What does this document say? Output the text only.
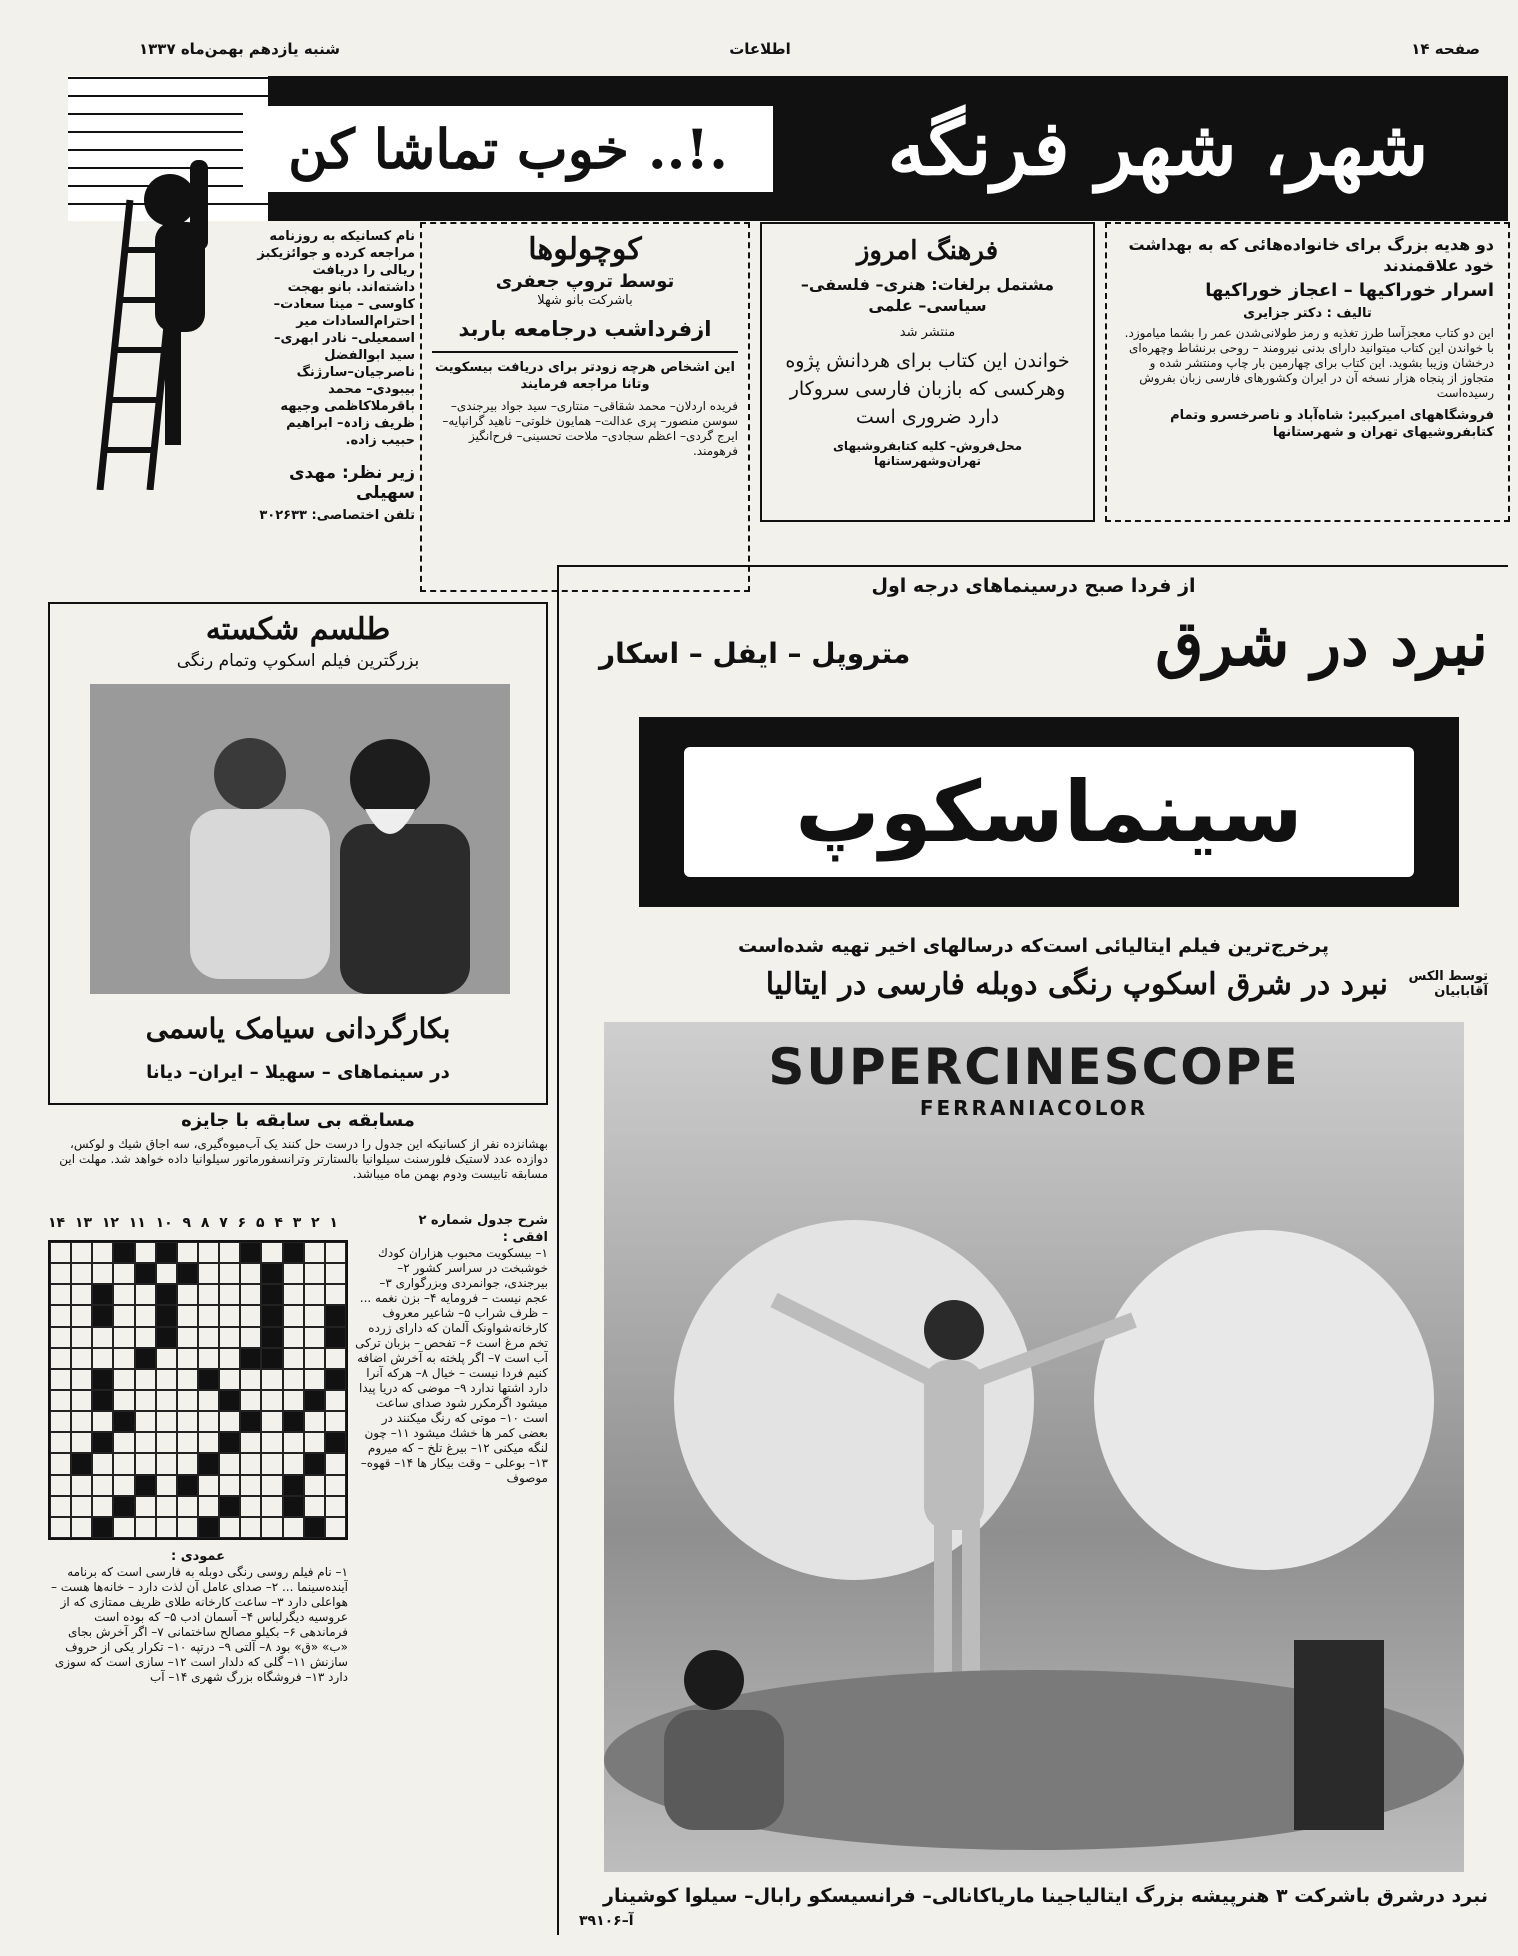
شنبه یازدهم بهمن‌ماه ۱۳۳۷	اطلاعات	صفحه ۱۴
خوب تماشا کن ..!.	شهر، شهر فرنگه
دو هدیه بزرگ برای خانواده‌هائی که به بهداشت خود علاقمندند
اسرار خوراکیها – اعجاز خوراکیها
تالیف : دکتر جزایری
این دو کتاب معجزآسا طرز تغذیه و رمز طولانی‌شدن عمر را بشما میاموزد. با خواندن این کتاب میتوانید دارای بدنی نیرومند – روحی برنشاط وچهره‌ای درخشان وزیبا بشوید. این کتاب برای چهارمین بار چاپ ومنتشر شده و متجاوز از پنجاه هزار نسخه آن در ایران وکشورهای فارسی زبان بفروش رسیده‌است
فروشگاههای امیرکبیر: شاه‌آباد و ناصرخسرو وتمام کتابفروشیهای تهران و شهرستانها
فرهنگ امروز
مشتمل برلغات: هنری– فلسفی– سیاسی– علمی
منتشر شد
خواندن این کتاب برای هردانش پژوه وهرکسی که بازبان فارسی سروکار دارد ضروری است
محل‌فروش– کلیه کتابفروشیهای تهران‌وشهرستانها
کوچولوها
توسط تروپ جعفری
باشرکت بانو شهلا
ازفرداشب درجامعه باربد
این اشخاص هرچه زودتر برای دریافت بیسکویت وتانا مراجعه فرمایند
فریده اردلان– محمد شقاقی– منتاری– سید جواد بیرجندی– سوسن منصور– پری عدالت– همایون خلوتی– ناهید گرانپایه– ایرج گردی– اعظم سجادی– ملاحت تحسینی– فرح‌انگیز فرهومند.
نام کسانیکه به روزنامه مراجعه کرده و جوائزیکبز ریالی را دریافت داشته‌اند. بانو بهجت کاوسی – مینا سعادت– احترام‌السادات میر اسمعیلی– نادر ابهری–سید ابوالفضل ناصرجیان–سارژنگ بیبودی– محمد باقرملاکاظمی وجیهه ظریف زادہ– ابراهیم حبیب زاده.
زیر نظر: مهدی سهیلی
تلفن اختصاصی: ۳۰۲۶۳۳
طلسم شکسته
بزرگترین فیلم اسکوپ وتمام رنگی
بکارگردانی سیامک یاسمی
در سینماهای – سهیلا – ایران– دیانا
مسابقه بی سابقه با جایزه
بهشانزده نفر از کسانیکه این جدول را درست حل کنند یک آب‌میوه‌گیری، سه اجاق شیك و لوکس، دوازده عدد لاستیک فلورسنت سیلوانیا بالستارتر وترانسفورماتور سیلوانیا داده خواهد شد. مهلت این مسابقه تابیست ودوم بهمن ماه میباشد.
۱۴ ۱۳ ۱۲ ۱۱ ۱۰ ۹ ۸ ۷ ۶ ۵ ۴ ۳ ۲ ۱	شرح جدول شماره ۲
افقی :
۱– بیسکویت محبوب هزاران کودك خوشبخت در سراسر کشور ۲– بیرجندی، جوانمردی وبزرگواری ۳– عجم نیست – فرومایه ۴– بزن نغمه ... – ظرف شراب ۵– شاعیر معروف کارخانه‌شواونک آلمان که دارای زرده تخم مرغ است ۶– تفحص – بزبان ترکی آب است ۷– اگر پلخته به آخرش اضافه کنیم فردا نیست – خیال ۸– هرکه آنرا دارد اشتها‌ ندارد ۹– موضی که دریا پیدا میشود اگرمکرر شود صدای ساعت است ۱۰– موتی که رنگ میکنند در بعضی کمر ها خشك میشود ۱۱– چون لنگه میکنی ۱۲– بیرغ تلخ – که میروم ۱۳– بوعلی – وقت بیکار ها ۱۴– قهوه– موصوف
عمودی :
۱– نام فیلم روسی رنگی دوبله به فارسی است که برنامه آینده‌سینما ... ۲– صدای عامل آن لذت دارد – خانه‌ها هست – هواعلی دارد ۳– ساعت کارخانه طلای ظریف ممتازی که از عروسیه دیگرلباس ۴– آسمان ادب ۵– که بوده است فرماندهی ۶– بکیلو مصالح ساختمانی ۷– اگر آخرش بجای «ب» «ق» بود ۸– آلتی ۹– درتپه ۱۰– تکرار یکی از حروف سازنش ۱۱– گلی که دلدار است ۱۲– سازی است که سوزی دارد ۱۳– فروشگاه بزرگ شهری ۱۴– آب
از فردا صبح درسینماهای درجه اول
نبرد در شرق
متروپل – ایفل – اسکار
سینماسکوپ
پرخرج‌ترین فیلم ایتالیائی است‌که درسالهای اخیر تهیه شده‌است
نبرد در شرق اسکوپ رنگی دوبله فارسی در ایتالیا	توسط الکس آقابابیان
SUPERCINESCOPE
FERRANIACOLOR
نبرد درشرق باشرکت ۳ هنرپیشه بزرگ ایتالیا‌جینا ماریاکانالی– فرانسیسکو رابال– سیلوا کوشینار
آ–۳۹۱۰۶
